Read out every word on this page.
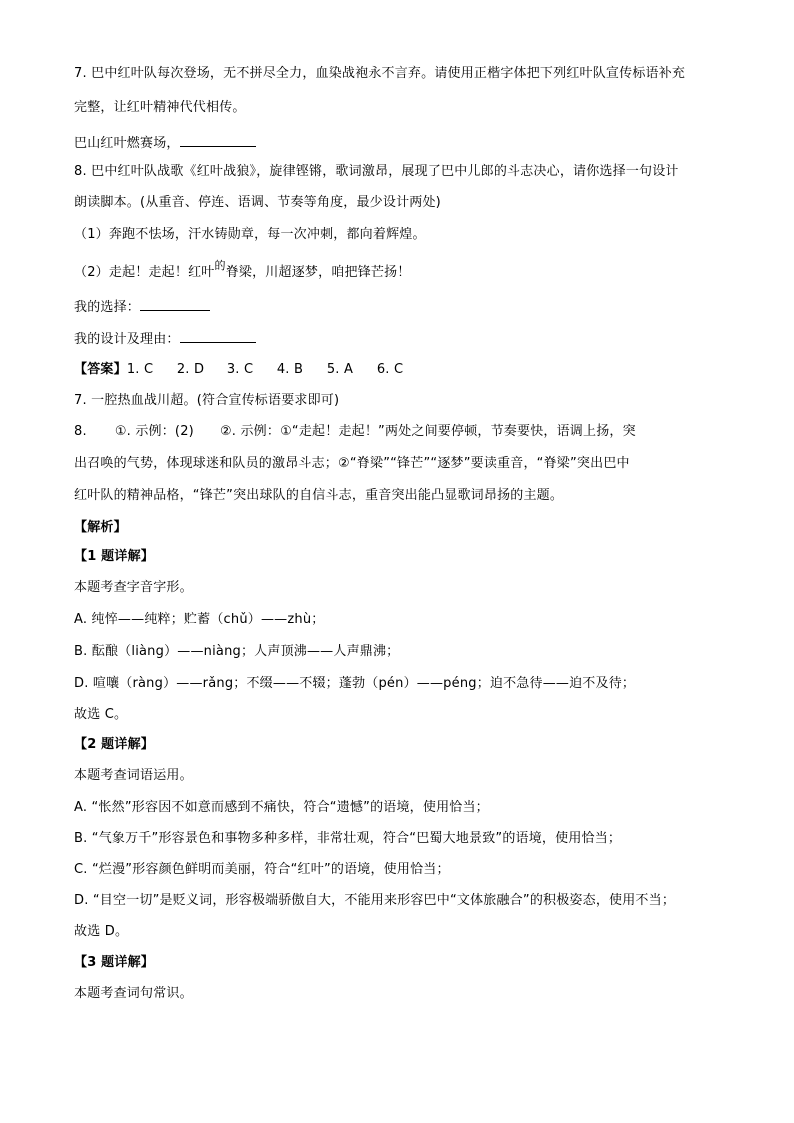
7. 巴中红叶队每次登场，无不拼尽全力，血染战袍永不言弃。请使用正楷字体把下列红叶队宣传标语补充
完整，让红叶精神代代相传。
巴山红叶燃赛场，
8. 巴中红叶队战歌《红叶战狼》，旋律铿锵，歌词激昂，展现了巴中儿郎的斗志决心，请你选择一句设计
朗读脚本。(从重音、停连、语调、节奏等角度，最少设计两处)
（1）奔跑不怯场，汗水铸勋章，每一次冲刺，都向着辉煌。
（2）走起！走起！红叶$^的$脊梁，川超逐梦，咱把锋芒扬！
我的选择：
我的设计及理由：
【答案】1. C 2. D 3. C 4. B 5. A 6. C
7. 一腔热血战川超。(符合宣传标语要求即可)
8. ①. 示例：(2) ②. 示例：①“走起！走起！”两处之间要停顿，节奏要快，语调上扬，突
出召唤的气势，体现球迷和队员的激昂斗志；②“脊梁”“锋芒”“逐梦”要读重音，“脊梁”突出巴中
红叶队的精神品格，“锋芒”突出球队的自信斗志，重音突出能凸显歌词昂扬的主题。
【解析】
【1 题详解】
本题考查字音字形。
A. 纯悴——纯粹；贮蓄（chǔ）——zhù；
B. 酝酿（liàng）——niàng；人声顶沸——人声鼎沸；
D. 喧嚷（ràng）——rǎng；不缀——不辍；蓬勃（pén）——péng；迫不急待——迫不及待；
故选 C。
【2 题详解】
本题考查词语运用。
A. “怅然”形容因不如意而感到不痛快，符合“遗憾”的语境，使用恰当；
B. “气象万千”形容景色和事物多种多样，非常壮观，符合“巴蜀大地景致”的语境，使用恰当；
C. “烂漫”形容颜色鲜明而美丽，符合“红叶”的语境，使用恰当；
D. “目空一切”是贬义词，形容极端骄傲自大，不能用来形容巴中“文体旅融合”的积极姿态，使用不当；
故选 D。
【3 题详解】
本题考查词句常识。
